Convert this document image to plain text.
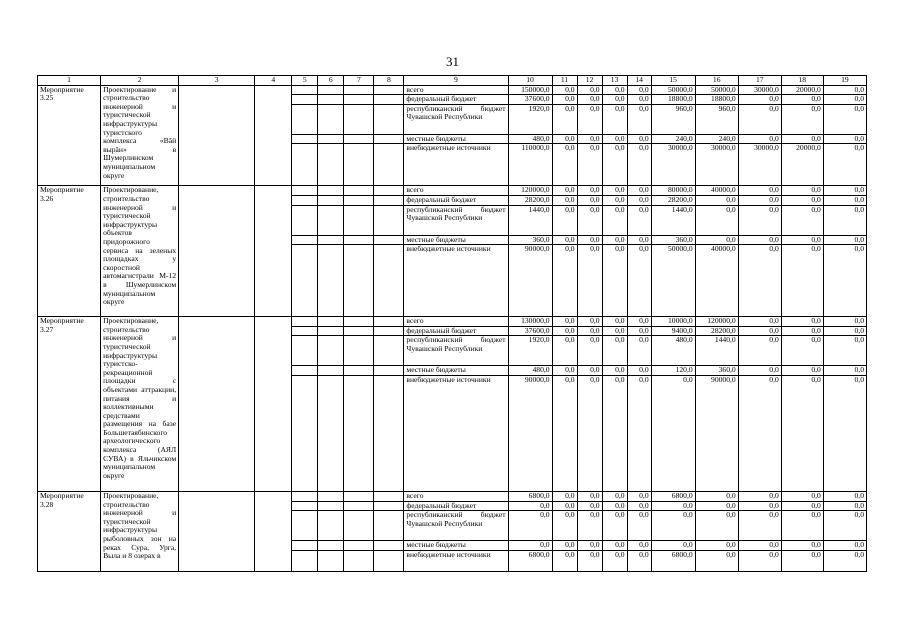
31
1	2	3	4	5	6	7	8	9	10	11	12	13	14	15	16	17	18	19
Мероприятие 3.25	Проектирование и строительство инженерной и туристической инфраструктуры туристского комплекса «Вăй вырăн» в Шумерлинском муниципальном округе							всего	150000,0	0,0	0,0	0,0	0,0	50000,0	50000,0	30000,0	20000,0	0,0
								федеральный бюджет	37600,0	0,0	0,0	0,0	0,0	18800,0	18800,0	0,0	0,0	0,0
								республиканский бюджет Чувашской Республики	1920,0	0,0	0,0	0,0	0,0	960,0	960,0	0,0	0,0	0,0
								местные бюджеты	480,0	0,0	0,0	0,0	0,0	240,0	240,0	0,0	0,0	0,0
								внебюджетные источники	110000,0	0,0	0,0	0,0	0,0	30000,0	30000,0	30000,0	20000,0	0,0
Мероприятие 3.26	Проектирование, строительство инженерной и туристической инфраструктуры объектов придорожного сервиса на зеленых площадках у скоростной автомагистрали М-12 в Шумерлинском муниципальном округе							всего	120000,0	0,0	0,0	0,0	0,0	80000,0	40000,0	0,0	0,0	0,0
								федеральный бюджет	28200,0	0,0	0,0	0,0	0,0	28200,0	0,0	0,0	0,0	0,0
								республиканский бюджет Чувашской Республики	1440,0	0,0	0,0	0,0	0,0	1440,0	0,0	0,0	0,0	0,0
								местные бюджеты	360,0	0,0	0,0	0,0	0,0	360,0	0,0	0,0	0,0	0,0
								внебюджетные источники	90000,0	0,0	0,0	0,0	0,0	50000,0	40000,0	0,0	0,0	0,0
Мероприятие 3.27	Проектирование, строительство инженерной и туристической инфраструктуры туристско-рекреационной площадки с объектами аттракции, питания и коллективными средствами размещения на базе Большетаябинского археологического комплекса (АЯЛ СУВА) в Яльчикском муниципальном округе							всего	130000,0	0,0	0,0	0,0	0,0	10000,0	120000,0	0,0	0,0	0,0
								федеральный бюджет	37600,0	0,0	0,0	0,0	0,0	9400,0	28200,0	0,0	0,0	0,0
								республиканский бюджет Чувашской Республики	1920,0	0,0	0,0	0,0	0,0	480,0	1440,0	0,0	0,0	0,0
								местные бюджеты	480,0	0,0	0,0	0,0	0,0	120,0	360,0	0,0	0,0	0,0
								внебюджетные источники	90000,0	0,0	0,0	0,0	0,0	0,0	90000,0	0,0	0,0	0,0
Мероприятие 3.28	Проектирование, строительство инженерной и туристической инфраструктуры рыболовных зон на реках Сура, Урга, Выла и 8 озерах в							всего	6800,0	0,0	0,0	0,0	0,0	6800,0	0,0	0,0	0,0	0,0
								федеральный бюджет	0,0	0,0	0,0	0,0	0,0	0,0	0,0	0,0	0,0	0,0
								республиканский бюджет Чувашской Республики	0,0	0,0	0,0	0,0	0,0	0,0	0,0	0,0	0,0	0,0
								местные бюджеты	0,0	0,0	0,0	0,0	0,0	0,0	0,0	0,0	0,0	0,0
								внебюджетные источники	6800,0	0,0	0,0	0,0	0,0	6800,0	0,0	0,0	0,0	0,0
